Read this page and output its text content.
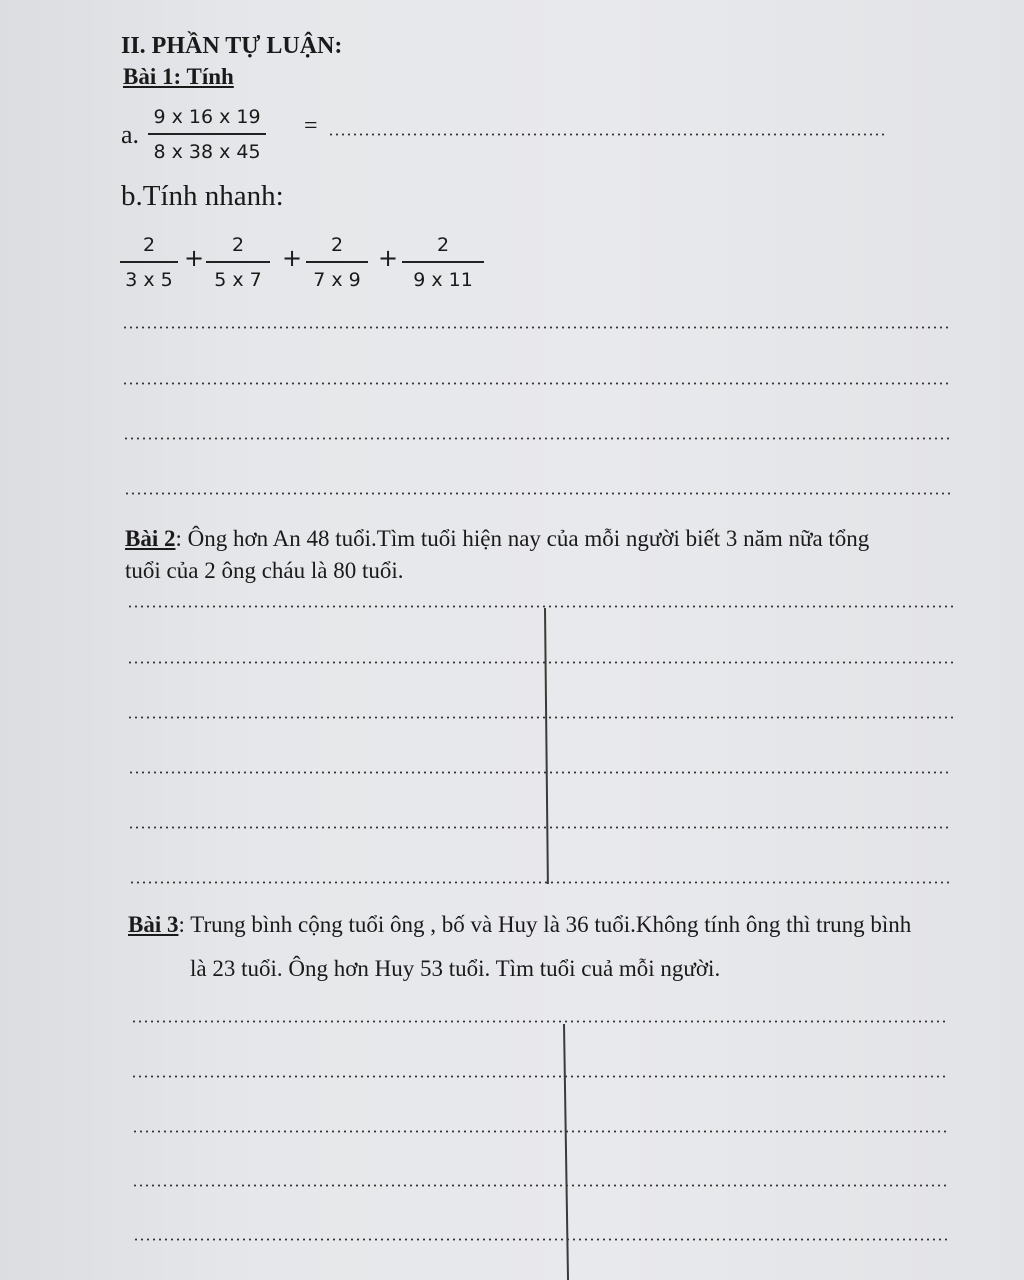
II. PHẦN TỰ LUẬN:
Bài 1: Tính
a.
9 x 16 x 19
8 x 38 x 45
=
b.Tính nhanh:
2
3 x 5
+ 2
5 x 7
+ 2
7 x 9
+ 2
9 x 11
Bài 2: Ông hơn An 48 tuổi.Tìm tuổi hiện nay của mỗi người biết 3 năm nữa tổng
tuổi của 2 ông cháu là 80 tuổi.
Bài 3: Trung bình cộng tuổi ông , bố và Huy là 36 tuổi.Không tính ông thì trung bình
là 23 tuổi. Ông hơn Huy 53 tuổi. Tìm tuổi cuả mỗi người.
